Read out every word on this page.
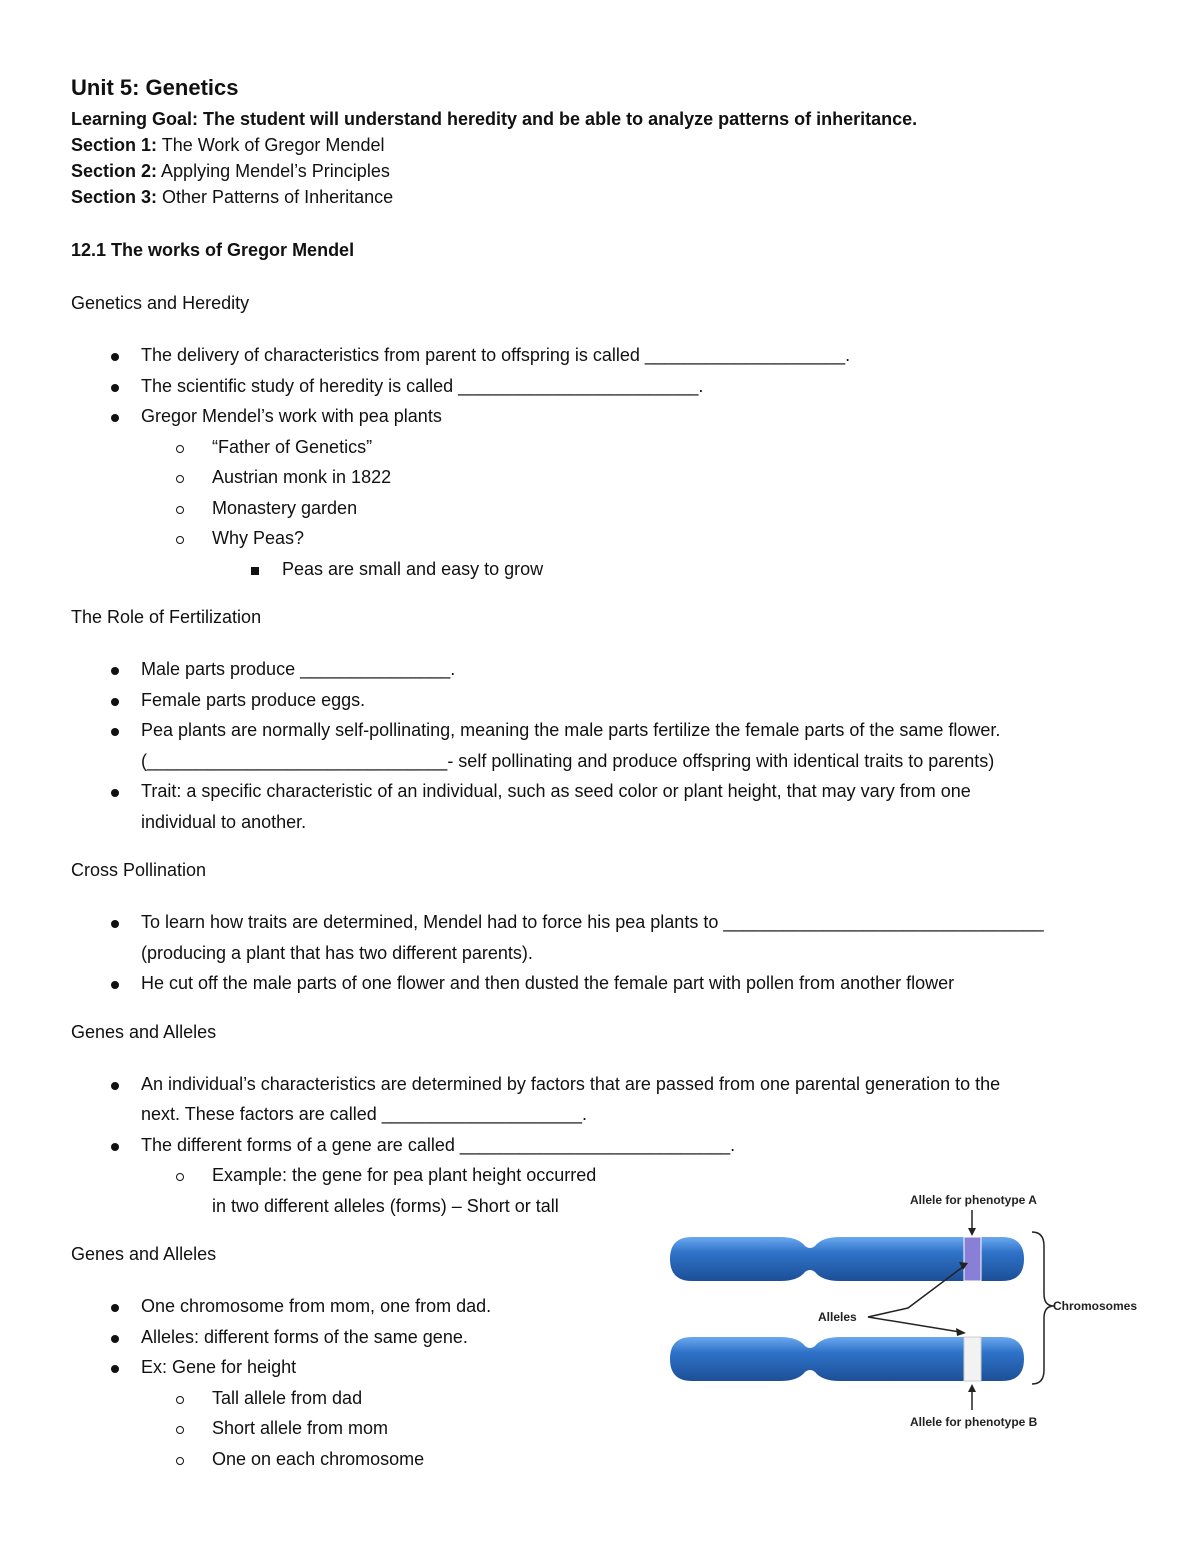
Unit 5: Genetics

Learning Goal: The student will understand heredity and be able to analyze patterns of inheritance.

Section 1: The Work of Gregor Mendel

Section 2: Applying Mendel’s Principles

Section 3: Other Patterns of Inheritance

12.1 The works of Gregor Mendel

Genetics and Heredity

The delivery of characteristics from parent to offspring is called ____________________.
The scientific study of heredity is called ________________________.
Gregor Mendel’s work with pea plants
“Father of Genetics”
Austrian monk in 1822
Monastery garden
Why Peas?
Peas are small and easy to grow

The Role of Fertilization

Male parts produce _______________.
Female parts produce eggs.
Pea plants are normally self-pollinating, meaning the male parts fertilize the female parts of the same flower.
(______________________________- self pollinating and produce offspring with identical traits to parents)
Trait: a specific characteristic of an individual, such as seed color or plant height, that may vary from one
individual to another.

Cross Pollination

To learn how traits are determined, Mendel had to force his pea plants to ________________________________
(producing a plant that has two different parents).
He cut off the male parts of one flower and then dusted the female part with pollen from another flower

Genes and Alleles

An individual’s characteristics are determined by factors that are passed from one parental generation to the
next. These factors are called ____________________.
The different forms of a gene are called ___________________________.
Example: the gene for pea plant height occurred
in two different alleles (forms) – Short or tall

Genes and Alleles

One chromosome from mom, one from dad.
Alleles: different forms of the same gene.
Ex: Gene for height
Tall allele from dad
Short allele from mom
One on each chromosome
Allele for phenotype A
Alleles
Chromosomes
Allele for phenotype B
